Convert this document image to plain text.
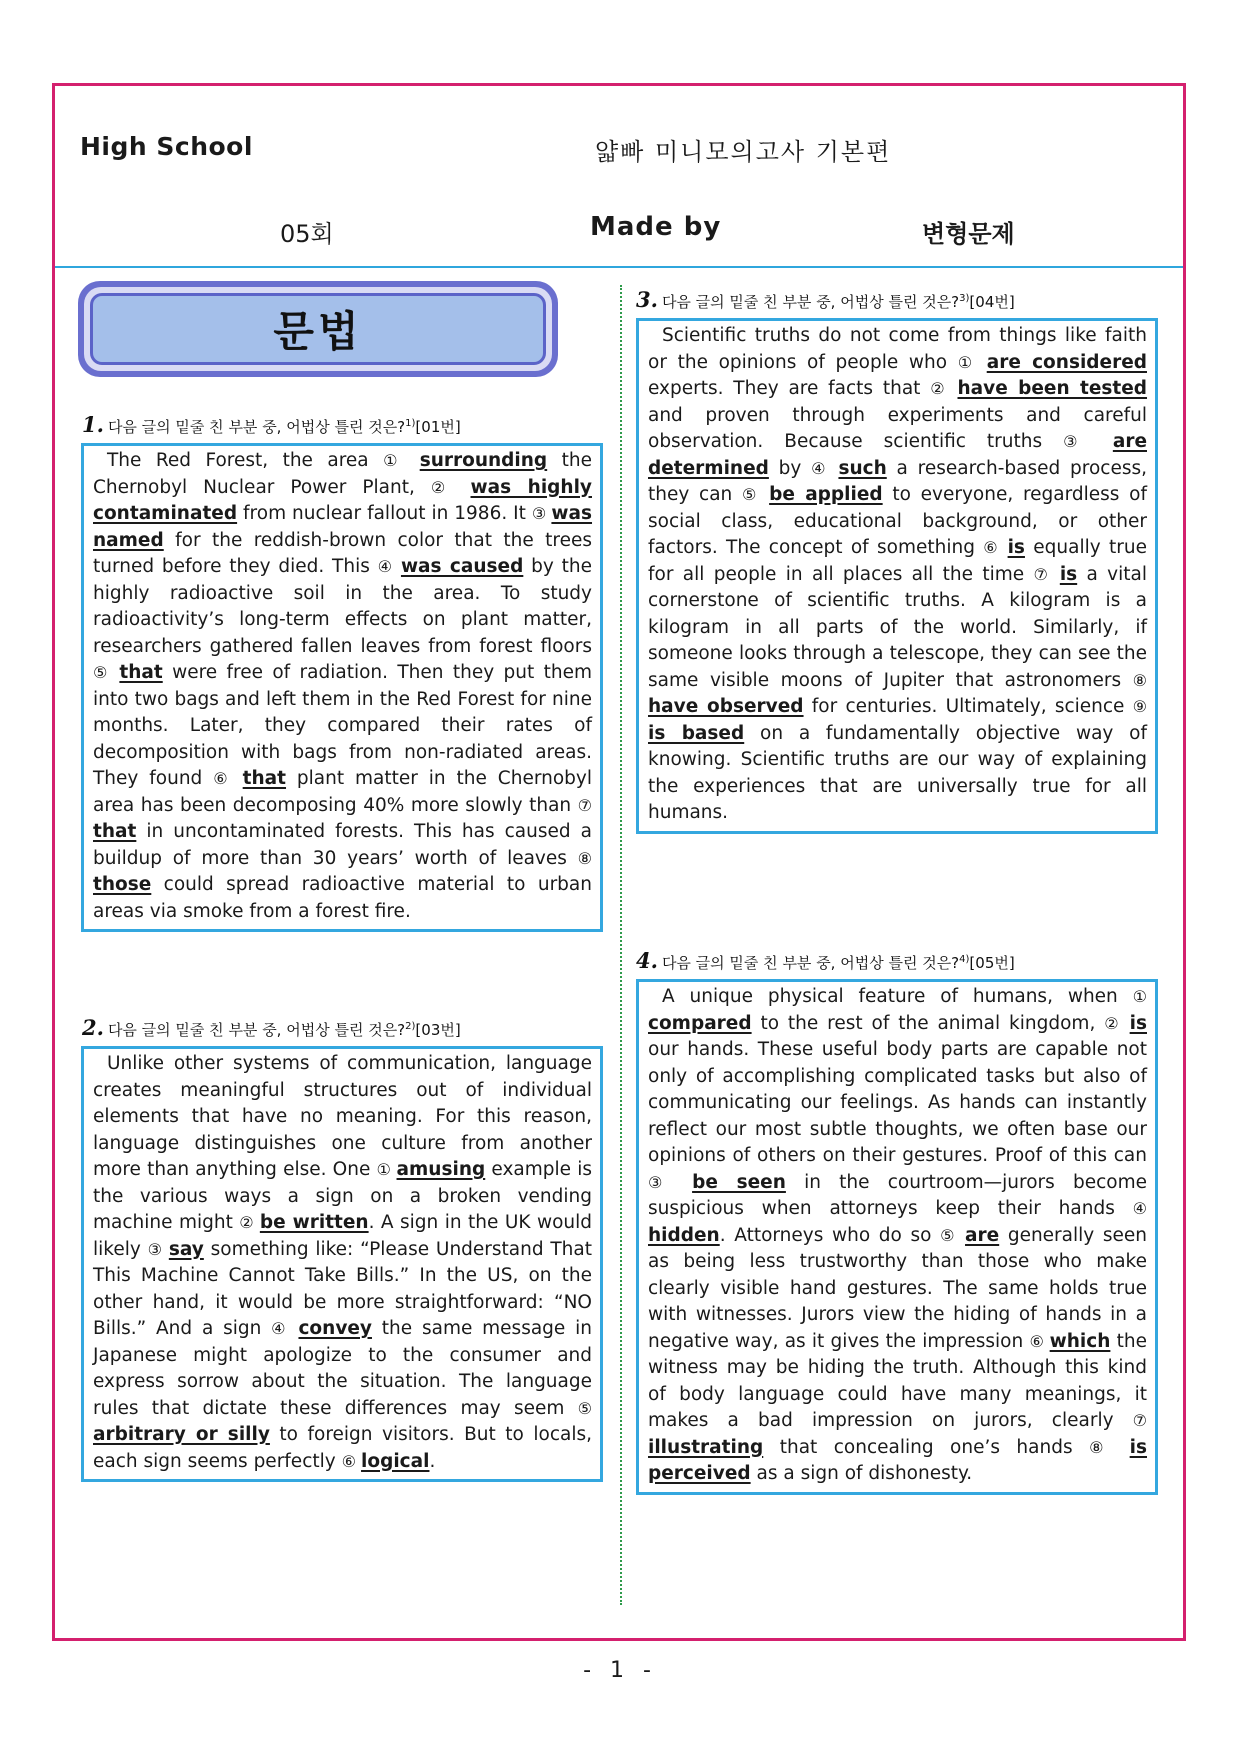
High School	얇빠 미니모의고사 기본편
05회	Made by	변형문제
문법
1. 다음 글의 밑줄 친 부분 중, 어법상 틀린 것은?$^{1)}$[01번]

The Red Forest, the area ① surrounding the Chernobyl Nuclear Power Plant, ② was highly contaminated from nuclear fallout in 1986. It ③ was named for the reddish-brown color that the trees turned before they died. This ④ was caused by the highly radioactive soil in the area. To study radioactivity’s long-term effects on plant matter, researchers gathered fallen leaves from forest floors ⑤ that were free of radiation. Then they put them into two bags and left them in the Red Forest for nine months. Later, they compared their rates of decomposition with bags from non-radiated areas. They found ⑥ that plant matter in the Chernobyl area has been decomposing 40% more slowly than ⑦ that in uncontaminated forests. This has caused a buildup of more than 30 years’ worth of leaves ⑧ those could spread radioactive material to urban areas via smoke from a forest fire.

2. 다음 글의 밑줄 친 부분 중, 어법상 틀린 것은?$^{2)}$[03번]

Unlike other systems of communication, language creates meaningful structures out of individual elements that have no meaning. For this reason, language distinguishes one culture from another more than anything else. One ① amusing example is the various ways a sign on a broken vending machine might ② be written. A sign in the UK would likely ③ say something like: “Please Understand That This Machine Cannot Take Bills.” In the US, on the other hand, it would be more straightforward: “NO Bills.” And a sign ④ convey the same message in Japanese might apologize to the consumer and express sorrow about the situation. The language rules that dictate these differences may seem ⑤ arbitrary or silly to foreign visitors. But to locals, each sign seems perfectly ⑥ logical.

3. 다음 글의 밑줄 친 부분 중, 어법상 틀린 것은?$^{3)}$[04번]

Scientific truths do not come from things like faith or the opinions of people who ① are considered experts. They are facts that ② have been tested and proven through experiments and careful observation. Because scientific truths ③ are determined by ④ such a research-based process, they can ⑤ be applied to everyone, regardless of social class, educational background, or other factors. The concept of something ⑥ is equally true for all people in all places all the time ⑦ is a vital cornerstone of scientific truths. A kilogram is a kilogram in all parts of the world. Similarly, if someone looks through a telescope, they can see the same visible moons of Jupiter that astronomers ⑧ have observed for centuries. Ultimately, science ⑨ is based on a fundamentally objective way of knowing. Scientific truths are our way of explaining the experiences that are universally true for all humans.

4. 다음 글의 밑줄 친 부분 중, 어법상 틀린 것은?$^{4)}$[05번]

A unique physical feature of humans, when ① compared to the rest of the animal kingdom, ② is our hands. These useful body parts are capable not only of accomplishing complicated tasks but also of communicating our feelings. As hands can instantly reflect our most subtle thoughts, we often base our opinions of others on their gestures. Proof of this can ③ be seen in the courtroom—jurors become suspicious when attorneys keep their hands ④ hidden. Attorneys who do so ⑤ are generally seen as being less trustworthy than those who make clearly visible hand gestures. The same holds true with witnesses. Jurors view the hiding of hands in a negative way, as it gives the impression ⑥ which the witness may be hiding the truth. Although this kind of body language could have many meanings, it makes a bad impression on jurors, clearly ⑦ illustrating that concealing one’s hands ⑧ is perceived as a sign of dishonesty.

- 1 -
